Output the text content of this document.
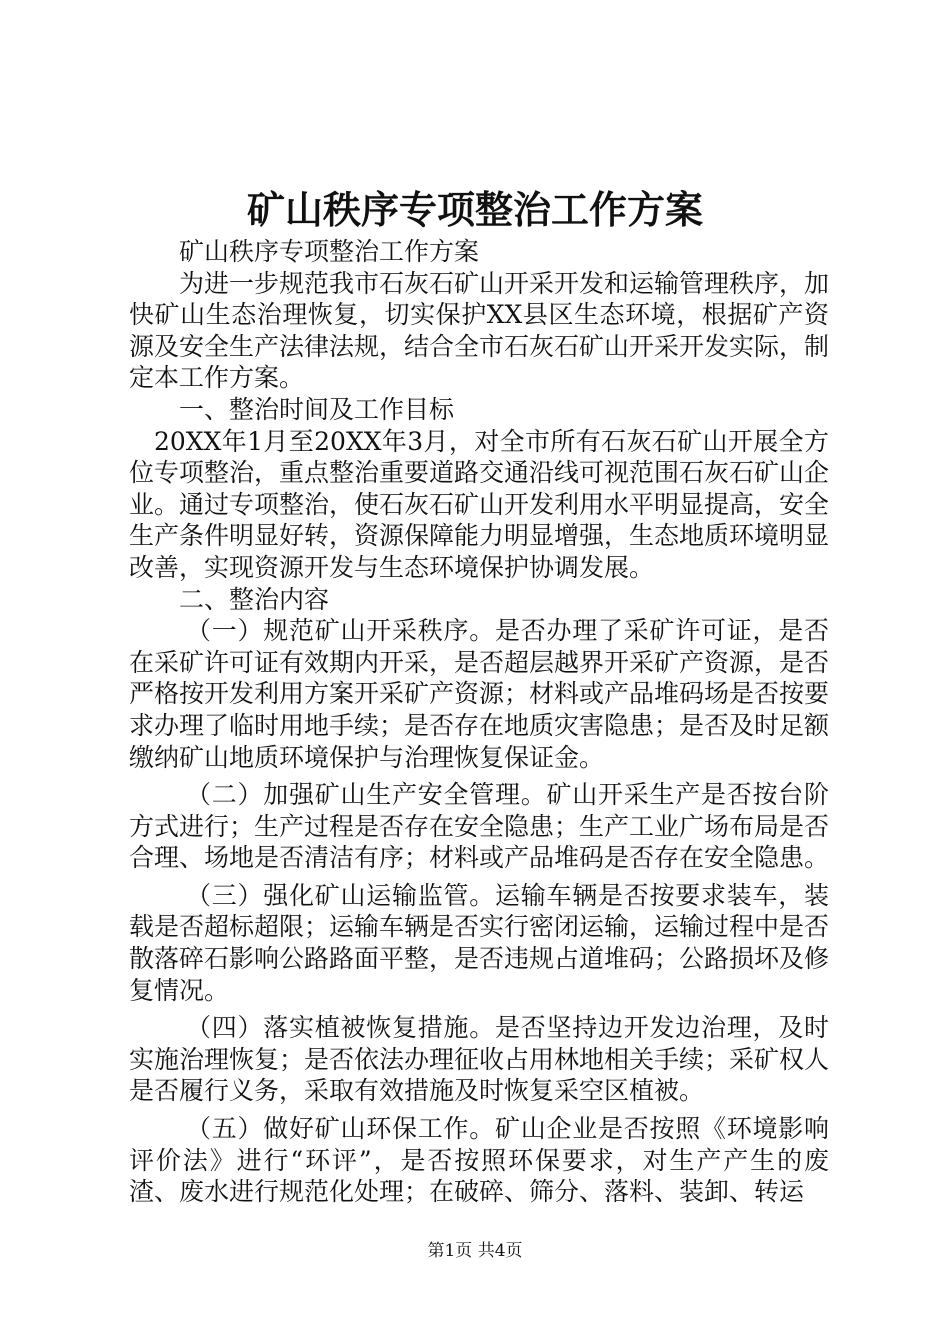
矿山秩序专项整治工作方案

矿山秩序专项整治工作方案

为进一步规范我市石灰石矿山开采开发和运输管理秩序，加快矿山生态治理恢复，切实保护XX县区生态环境，根据矿产资源及安全生产法律法规，结合全市石灰石矿山开采开发实际，制定本工作方案。

一、整治时间及工作目标

20XX年1月至20XX年3月，对全市所有石灰石矿山开展全方位专项整治，重点整治重要道路交通沿线可视范围石灰石矿山企业。通过专项整治，使石灰石矿山开发利用水平明显提高，安全生产条件明显好转，资源保障能力明显增强，生态地质环境明显改善，实现资源开发与生态环境保护协调发展。

二、整治内容

（一）规范矿山开采秩序。是否办理了采矿许可证，是否在采矿许可证有效期内开采，是否超层越界开采矿产资源，是否严格按开发利用方案开采矿产资源；材料或产品堆码场是否按要求办理了临时用地手续；是否存在地质灾害隐患；是否及时足额缴纳矿山地质环境保护与治理恢复保证金。

（二）加强矿山生产安全管理。矿山开采生产是否按台阶方式进行；生产过程是否存在安全隐患；生产工业广场布局是否合理、场地是否清洁有序；材料或产品堆码是否存在安全隐患。

（三）强化矿山运输监管。运输车辆是否按要求装车，装载是否超标超限；运输车辆是否实行密闭运输，运输过程中是否散落碎石影响公路路面平整，是否违规占道堆码；公路损坏及修复情况。

（四）落实植被恢复措施。是否坚持边开发边治理，及时实施治理恢复；是否依法办理征收占用林地相关手续；采矿权人是否履行义务，采取有效措施及时恢复采空区植被。

（五）做好矿山环保工作。矿山企业是否按照《环境影响评价法》进行“环评”，是否按照环保要求，对生产产生的废渣、废水进行规范化处理；在破碎、筛分、落料、装卸、转运

第1页 共4页
